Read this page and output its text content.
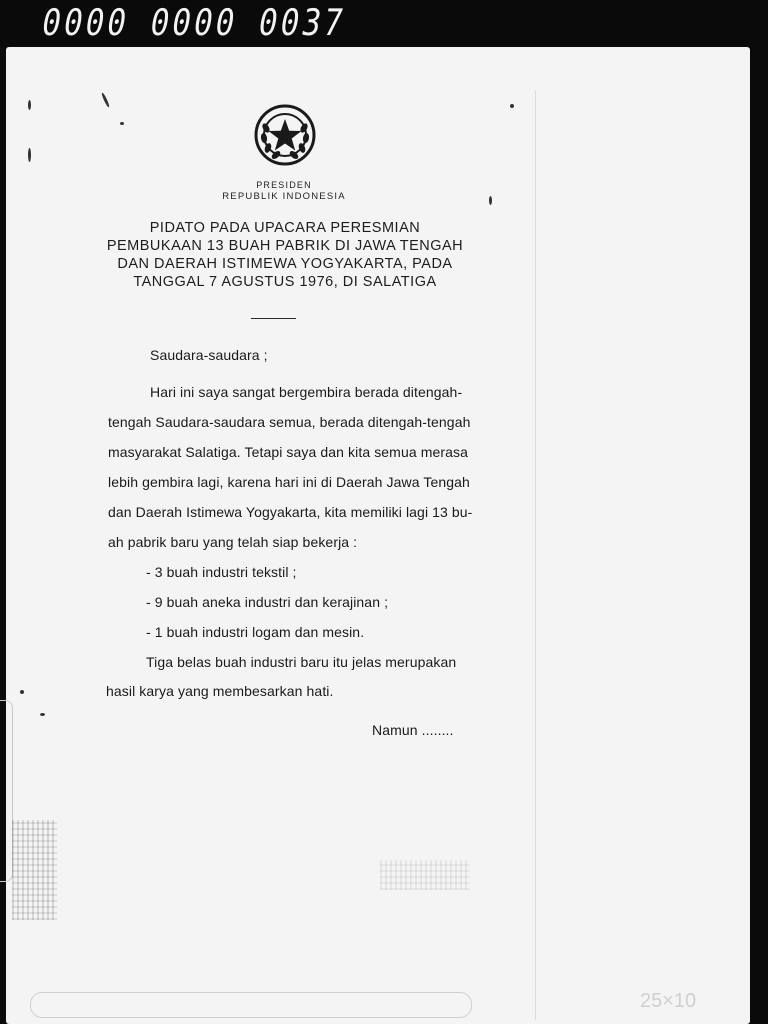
0000 0000 0037
PRESIDEN
REPUBLIK INDONESIA
PIDATO PADA UPACARA PERESMIAN
PEMBUKAAN 13 BUAH PABRIK DI JAWA TENGAH
DAN DAERAH ISTIMEWA YOGYAKARTA, PADA
TANGGAL 7 AGUSTUS 1976, DI SALATIGA
Saudara-saudara ;
Hari ini saya sangat bergembira berada ditengah-
tengah Saudara-saudara semua, berada ditengah-tengah
masyarakat Salatiga. Tetapi saya dan kita semua merasa
lebih gembira lagi, karena hari ini di Daerah Jawa Tengah
dan Daerah Istimewa Yogyakarta, kita memiliki lagi 13 bu-
ah pabrik baru yang telah siap bekerja :
- 3 buah industri tekstil ;
- 9 buah aneka industri dan kerajinan ;
- 1 buah industri logam dan mesin.
Tiga belas buah industri baru itu jelas merupakan
hasil karya yang membesarkan hati.
Namun ........
25×10
